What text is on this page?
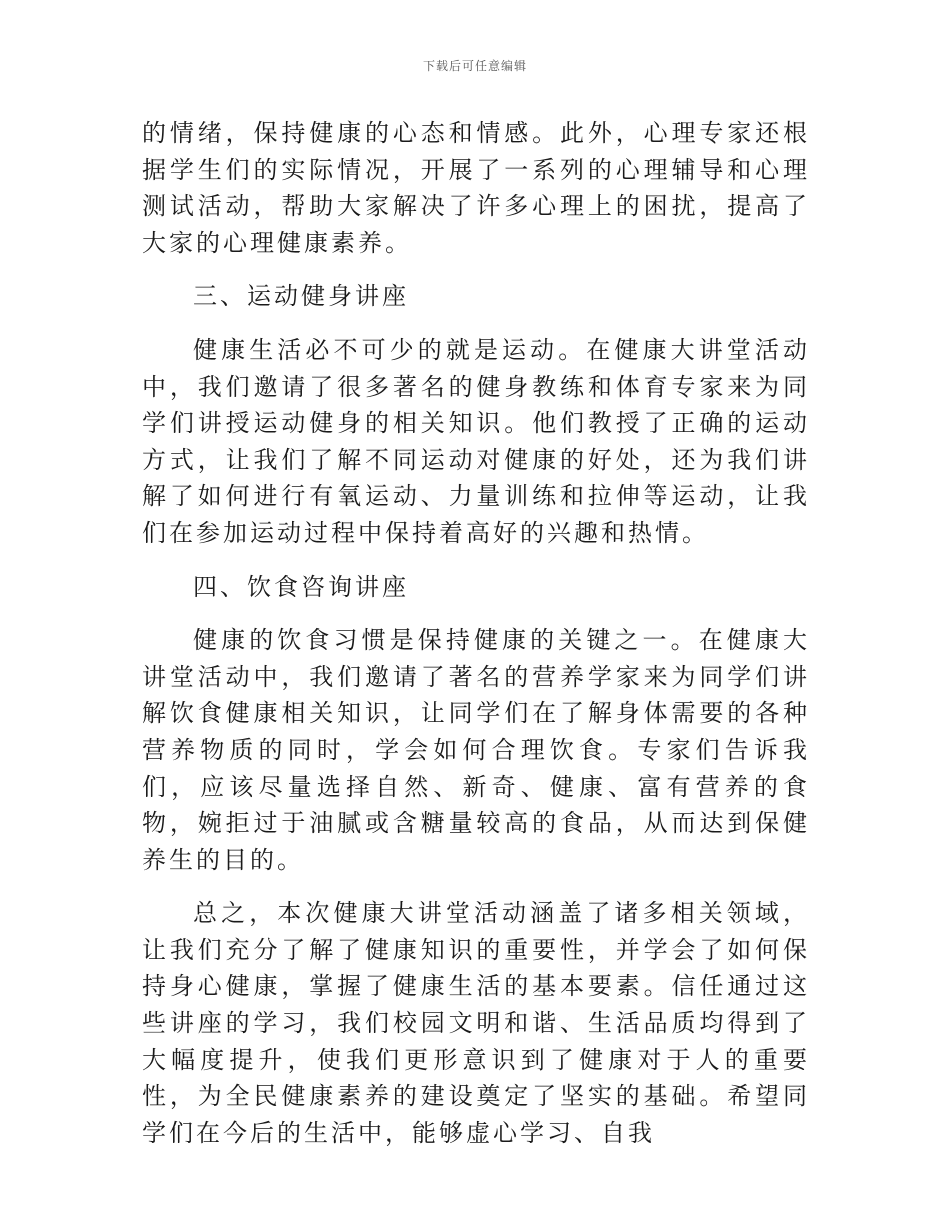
下载后可任意编辑

的情绪，保持健康的心态和情感。此外，心理专家还根据学生们的实际情况，开展了一系列的心理辅导和心理测试活动，帮助大家解决了许多心理上的困扰，提高了大家的心理健康素养。

三、运动健身讲座

健康生活必不可少的就是运动。在健康大讲堂活动中，我们邀请了很多著名的健身教练和体育专家来为同学们讲授运动健身的相关知识。他们教授了正确的运动方式，让我们了解不同运动对健康的好处，还为我们讲解了如何进行有氧运动、力量训练和拉伸等运动，让我们在参加运动过程中保持着高好的兴趣和热情。

四、饮食咨询讲座

健康的饮食习惯是保持健康的关键之一。在健康大讲堂活动中，我们邀请了著名的营养学家来为同学们讲解饮食健康相关知识，让同学们在了解身体需要的各种营养物质的同时，学会如何合理饮食。专家们告诉我们，应该尽量选择自然、新奇、健康、富有营养的食物，婉拒过于油腻或含糖量较高的食品，从而达到保健养生的目的。

总之，本次健康大讲堂活动涵盖了诸多相关领域，让我们充分了解了健康知识的重要性，并学会了如何保持身心健康，掌握了健康生活的基本要素。信任通过这些讲座的学习，我们校园文明和谐、生活品质均得到了大幅度提升，使我们更形意识到了健康对于人的重要性，为全民健康素养的建设奠定了坚实的基础。希望同学们在今后的生活中，能够虚心学习、自我
